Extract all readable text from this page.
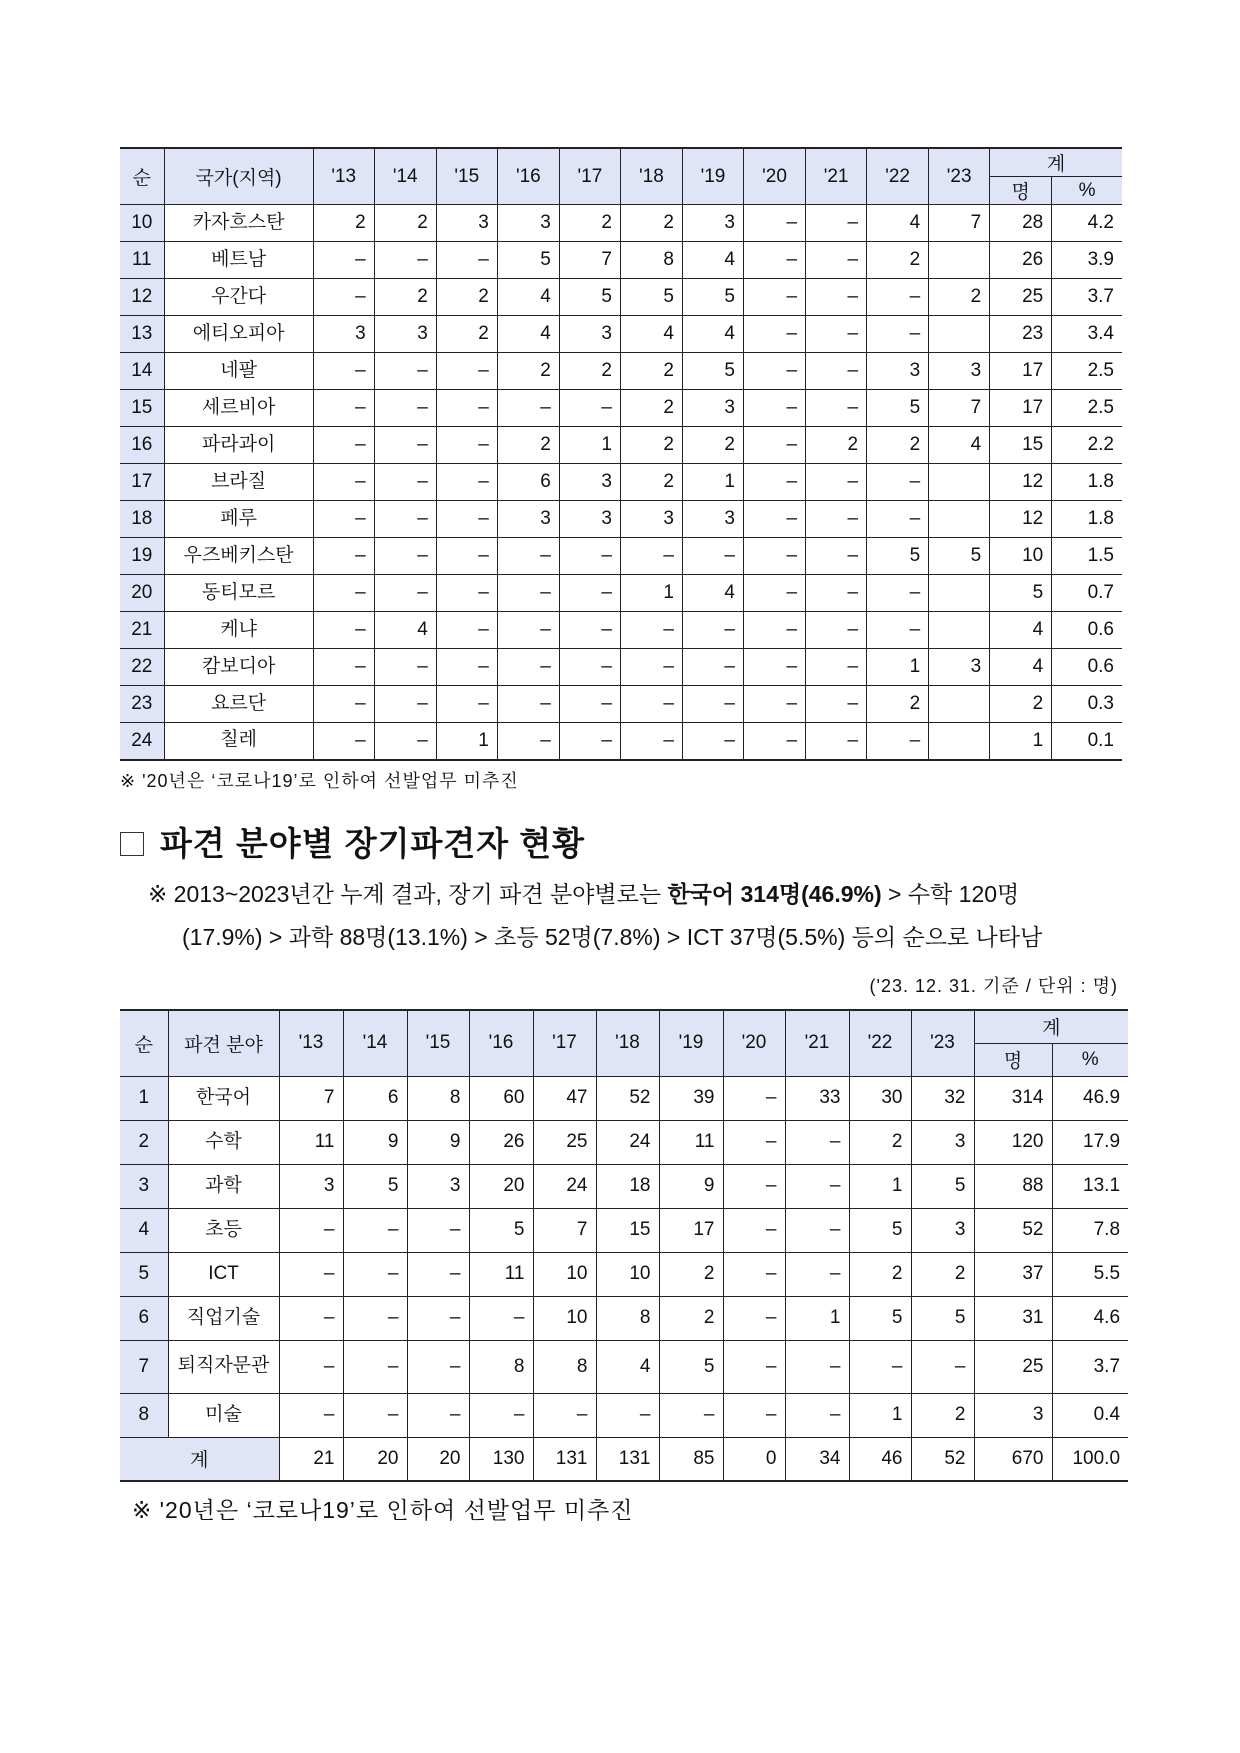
순	국가(지역)	'13	'14	'15	'16	'17	'18	'19	'20	'21	'22	'23	계	
													명	%
10	카자흐스탄	2	2	3	3	2	2	3	–	–	4	7	28	4.2
11	베트남	–	–	–	5	7	8	4	–	–	2		26	3.9
12	우간다	–	2	2	4	5	5	5	–	–	–	2	25	3.7
13	에티오피아	3	3	2	4	3	4	4	–	–	–		23	3.4
14	네팔	–	–	–	2	2	2	5	–	–	3	3	17	2.5
15	세르비아	–	–	–	–	–	2	3	–	–	5	7	17	2.5
16	파라과이	–	–	–	2	1	2	2	–	2	2	4	15	2.2
17	브라질	–	–	–	6	3	2	1	–	–	–		12	1.8
18	페루	–	–	–	3	3	3	3	–	–	–		12	1.8
19	우즈베키스탄	–	–	–	–	–	–	–	–	–	5	5	10	1.5
20	동티모르	–	–	–	–	–	1	4	–	–	–		5	0.7
21	케냐	–	4	–	–	–	–	–	–	–	–		4	0.6
22	캄보디아	–	–	–	–	–	–	–	–	–	1	3	4	0.6
23	요르단	–	–	–	–	–	–	–	–	–	2		2	0.3
24	칠레	–	–	1	–	–	–	–	–	–	–		1	0.1
※ '20년은 ‘코로나19’로 인하여 선발업무 미추진
파견 분야별 장기파견자 현황
※ 2013~2023년간 누계 결과, 장기 파견 분야별로는 한국어 314명(46.9%) > 수학 120명
(17.9%) > 과학 88명(13.1%) > 초등 52명(7.8%) > ICT 37명(5.5%) 등의 순으로 나타남
('23. 12. 31. 기준 / 단위 : 명)
순	파견 분야	'13	'14	'15	'16	'17	'18	'19	'20	'21	'22	'23	계	
													명	%
1	한국어	7	6	8	60	47	52	39	–	33	30	32	314	46.9
2	수학	11	9	9	26	25	24	11	–	–	2	3	120	17.9
3	과학	3	5	3	20	24	18	9	–	–	1	5	88	13.1
4	초등	–	–	–	5	7	15	17	–	–	5	3	52	7.8
5	ICT	–	–	–	11	10	10	2	–	–	2	2	37	5.5
6	직업기술	–	–	–	–	10	8	2	–	1	5	5	31	4.6
7	퇴직자문관	–	–	–	8	8	4	5	–	–	–	–	25	3.7
8	미술	–	–	–	–	–	–	–	–	–	1	2	3	0.4
계		21	20	20	130	131	131	85	0	34	46	52	670	100.0
※ '20년은 ‘코로나19’로 인하여 선발업무 미추진
